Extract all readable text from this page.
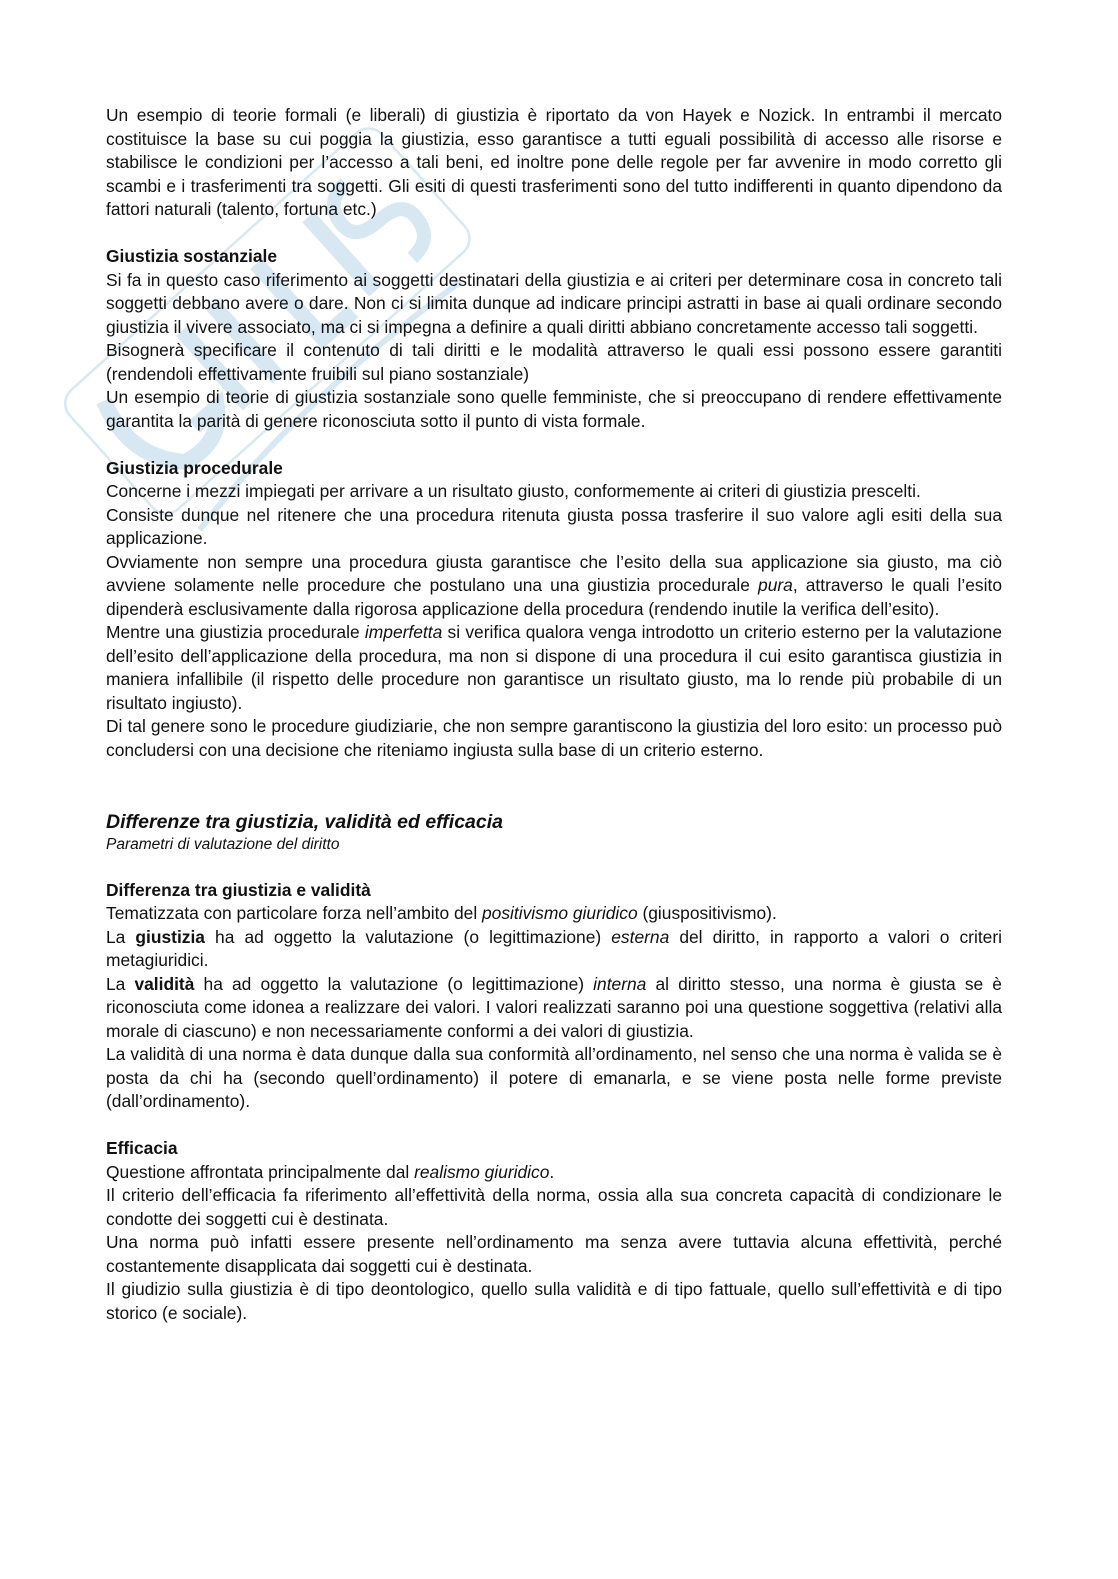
Un esempio di teorie formali (e liberali) di giustizia è riportato da von Hayek e Nozick. In entrambi il mercato costituisce la base su cui poggia la giustizia, esso garantisce a tutti eguali possibilità di accesso alle risorse e stabilisce le condizioni per l’accesso a tali beni, ed inoltre pone delle regole per far avvenire in modo corretto gli scambi e i trasferimenti tra soggetti. Gli esiti di questi trasferimenti sono del tutto indifferenti in quanto dipendono da fattori naturali (talento, fortuna etc.)

Giustizia sostanziale

Si fa in questo caso riferimento ai soggetti destinatari della giustizia e ai criteri per determinare cosa in concreto tali soggetti debbano avere o dare. Non ci si limita dunque ad indicare principi astratti in base ai quali ordinare secondo giustizia il vivere associato, ma ci si impegna a definire a quali diritti abbiano concretamente accesso tali soggetti.

Bisognerà specificare il contenuto di tali diritti e le modalità attraverso le quali essi possono essere garantiti (rendendoli effettivamente fruibili sul piano sostanziale)

Un esempio di teorie di giustizia sostanziale sono quelle femministe, che si preoccupano di rendere effettivamente garantita la parità di genere riconosciuta sotto il punto di vista formale.

Giustizia procedurale

Concerne i mezzi impiegati per arrivare a un risultato giusto, conformemente ai criteri di giustizia prescelti.

Consiste dunque nel ritenere che una procedura ritenuta giusta possa trasferire il suo valore agli esiti della sua applicazione.

Ovviamente non sempre una procedura giusta garantisce che l’esito della sua applicazione sia giusto, ma ciò avviene solamente nelle procedure che postulano una una giustizia procedurale pura, attraverso le quali l’esito dipenderà esclusivamente dalla rigorosa applicazione della procedura (rendendo inutile la verifica dell’esito).

Mentre una giustizia procedurale imperfetta si verifica qualora venga introdotto un criterio esterno per la valutazione dell’esito dell’applicazione della procedura, ma non si dispone di una procedura il cui esito garantisca giustizia in maniera infallibile (il rispetto delle procedure non garantisce un risultato giusto, ma lo rende più probabile di un risultato ingiusto).

Di tal genere sono le procedure giudiziarie, che non sempre garantiscono la giustizia del loro esito: un processo può concludersi con una decisione che riteniamo ingiusta sulla base di un criterio esterno.

Differenze tra giustizia, validità ed efficacia

Parametri di valutazione del diritto

Differenza tra giustizia e validità

Tematizzata con particolare forza nell’ambito del positivismo giuridico (giuspositivismo).

La giustizia ha ad oggetto la valutazione (o legittimazione) esterna del diritto, in rapporto a valori o criteri metagiuridici.

La validità ha ad oggetto la valutazione (o legittimazione) interna al diritto stesso, una norma è giusta se è riconosciuta come idonea a realizzare dei valori. I valori realizzati saranno poi una questione soggettiva (relativi alla morale di ciascuno) e non necessariamente conformi a dei valori di giustizia.

La validità di una norma è data dunque dalla sua conformità all’ordinamento, nel senso che una norma è valida se è posta da chi ha (secondo quell’ordinamento) il potere di emanarla, e se viene posta nelle forme previste (dall’ordinamento).

Efficacia

Questione affrontata principalmente dal realismo giuridico.

Il criterio dell’efficacia fa riferimento all’effettività della norma, ossia alla sua concreta capacità di condizionare le condotte dei soggetti cui è destinata.

Una norma può infatti essere presente nell’ordinamento ma senza avere tuttavia alcuna effettività, perché costantemente disapplicata dai soggetti cui è destinata.

Il giudizio sulla giustizia è di tipo deontologico, quello sulla validità e di tipo fattuale, quello sull’effettività e di tipo storico (e sociale).
